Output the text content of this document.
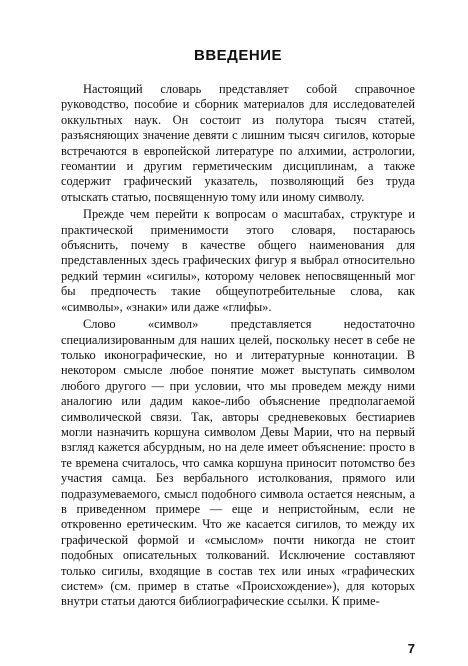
ВВЕДЕНИЕ

Настоящий словарь представляет собой справочное руководство, пособие и сборник материалов для исследователей оккультных наук. Он состоит из полутора тысяч статей, разъясняющих значение девяти с лишним тысяч сигилов, которые встречаются в европейской литературе по алхимии, астрологии, геомантии и другим герметическим дисциплинам, а также содержит графический указатель, позволяющий без труда отыскать статью, посвященную тому или иному символу.

Прежде чем перейти к вопросам о масштабах, структуре и практической применимости этого словаря, постараюсь объяснить, почему в качестве общего наименования для представленных здесь графических фигур я выбрал относительно редкий термин «сигилы», которому человек непосвященный мог бы предпочесть такие общеупотребительные слова, как «символы», «знаки» или даже «глифы».

Слово «символ» представляется недостаточно специализированным для наших целей, поскольку несет в себе не только иконографические, но и литературные коннотации. В некотором смысле любое понятие может выступать символом любого другого — при условии, что мы проведем между ними аналогию или дадим какое-либо объяснение предполагаемой символической связи. Так, авторы средневековых бестиариев могли назначить коршуна символом Девы Марии, что на первый взгляд кажется абсурдным, но на деле имеет объяснение: просто в те времена считалось, что самка коршуна приносит потомство без участия самца. Без вербального истолкования, прямого или подразумеваемого, смысл подобного символа остается неясным, а в приведенном примере — еще и непристойным, если не откровенно еретическим. Что же касается сигилов, то между их графической формой и «смыслом» почти никогда не стоит подобных описательных толкований. Исключение составляют только сигилы, входящие в состав тех или иных «графических систем» (см. пример в статье «Происхождение»), для которых внутри статьи даются библиографические ссылки. К приме-

7
